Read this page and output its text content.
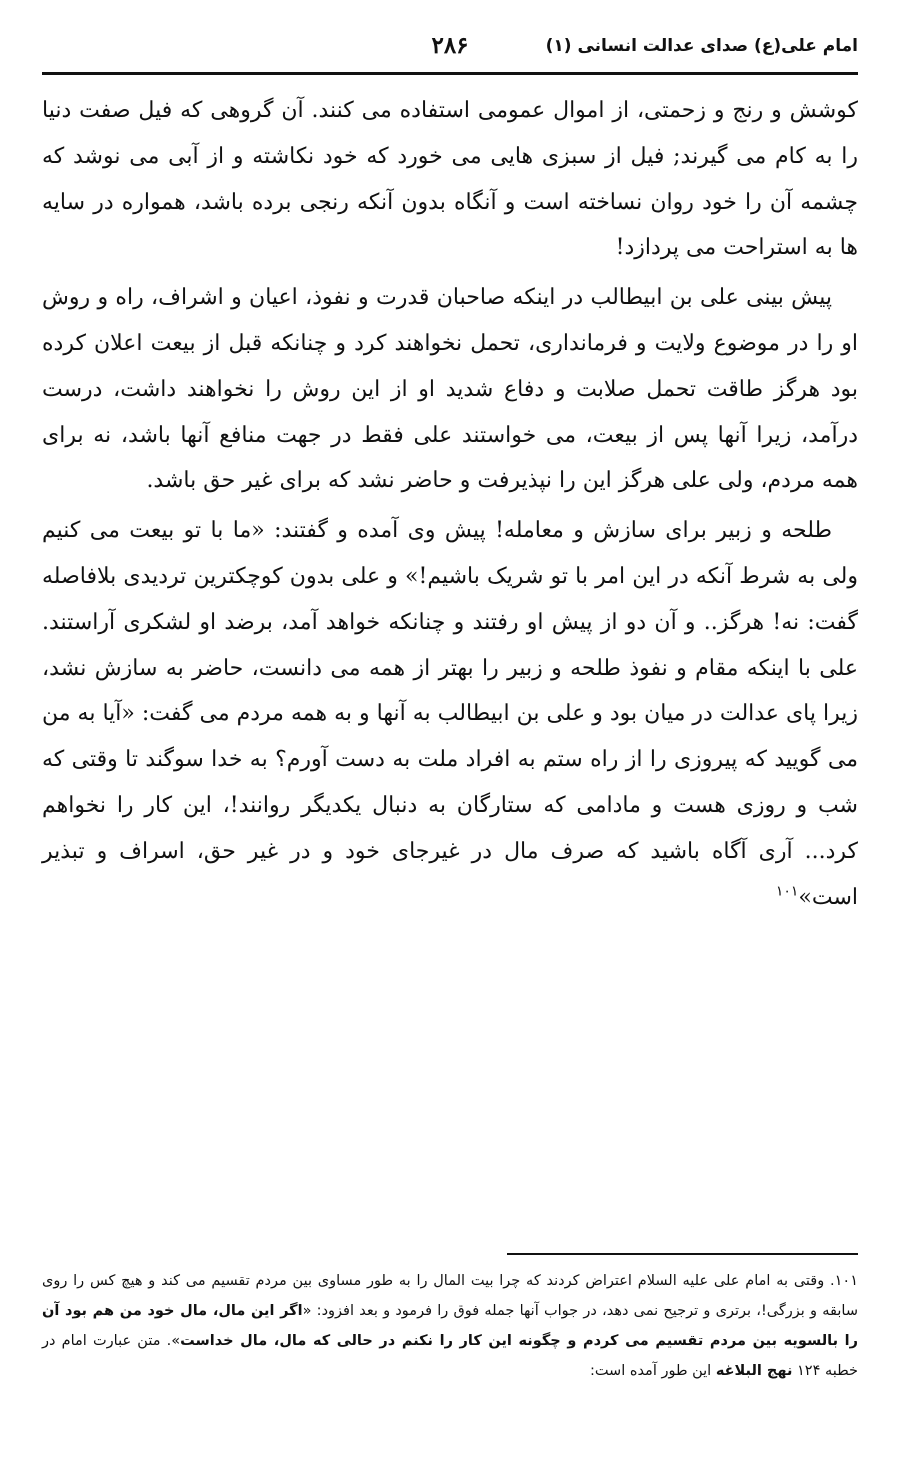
امام علی(ع) صدای عدالت انسانی (۱)
۲۸۶

کوشش و رنج و زحمتی، از اموال عمومی استفاده می کنند. آن گروهی که فیل صفت دنیا را به کام می گیرند; فیل از سبزی هایی می خورد که خود نکاشته و از آبی می نوشد که چشمه آن را خود روان نساخته است و آنگاه بدون آنکه رنجی برده باشد، همواره در سایه ها به استراحت می پردازد!

پیش بینی علی بن ابیطالب در اینکه صاحبان قدرت و نفوذ، اعیان و اشراف، راه و روش او را در موضوع ولایت و فرمانداری، تحمل نخواهند کرد و چنانکه قبل از بیعت اعلان کرده بود هرگز طاقت تحمل صلابت و دفاع شدید او از این روش را نخواهند داشت، درست درآمد، زیرا آنها پس از بیعت، می خواستند علی فقط در جهت منافع آنها باشد، نه برای همه مردم، ولی علی هرگز این را نپذیرفت و حاضر نشد که برای غیر حق باشد.

طلحه و زبیر برای سازش و معامله! پیش وی آمده و گفتند: «ما با تو بیعت می کنیم ولی به شرط آنکه در این امر با تو شریک باشیم!» و علی بدون کوچکترین تردیدی بلافاصله گفت: نه! هرگز.. و آن دو از پیش او رفتند و چنانکه خواهد آمد، برضد او لشکری آراستند. علی با اینکه مقام و نفوذ طلحه و زبیر را بهتر از همه می دانست، حاضر به سازش نشد، زیرا پای عدالت در میان بود و علی بن ابیطالب به آنها و به همه مردم می گفت: «آیا به من می گویید که پیروزی را از راه ستم به افراد ملت به دست آورم؟ به خدا سوگند تا وقتی که شب و روزی هست و مادامی که ستارگان به دنبال یکدیگر روانند!، این کار را نخواهم کرد... آری آگاه باشید که صرف مال در غیرجای خود و در غیر حق، اسراف و تبذیر است»$^{۱۰۱}$

۱۰۱. وقتی به امام علی علیه السلام اعتراض کردند که چرا بیت المال را به طور مساوی بین مردم تقسیم می کند و هیچ کس را روی سابقه و بزرگی!، برتری و ترجیح نمی دهد، در جواب آنها جمله فوق را فرمود و بعد افزود: «اگر این مال، مال خود من هم بود آن را بالسویه بین مردم تقسیم می کردم و چگونه این کار را نکنم در حالی که مال، مال خداست». متن عبارت امام در خطبه ۱۲۴ نهج البلاغه این طور آمده است:
